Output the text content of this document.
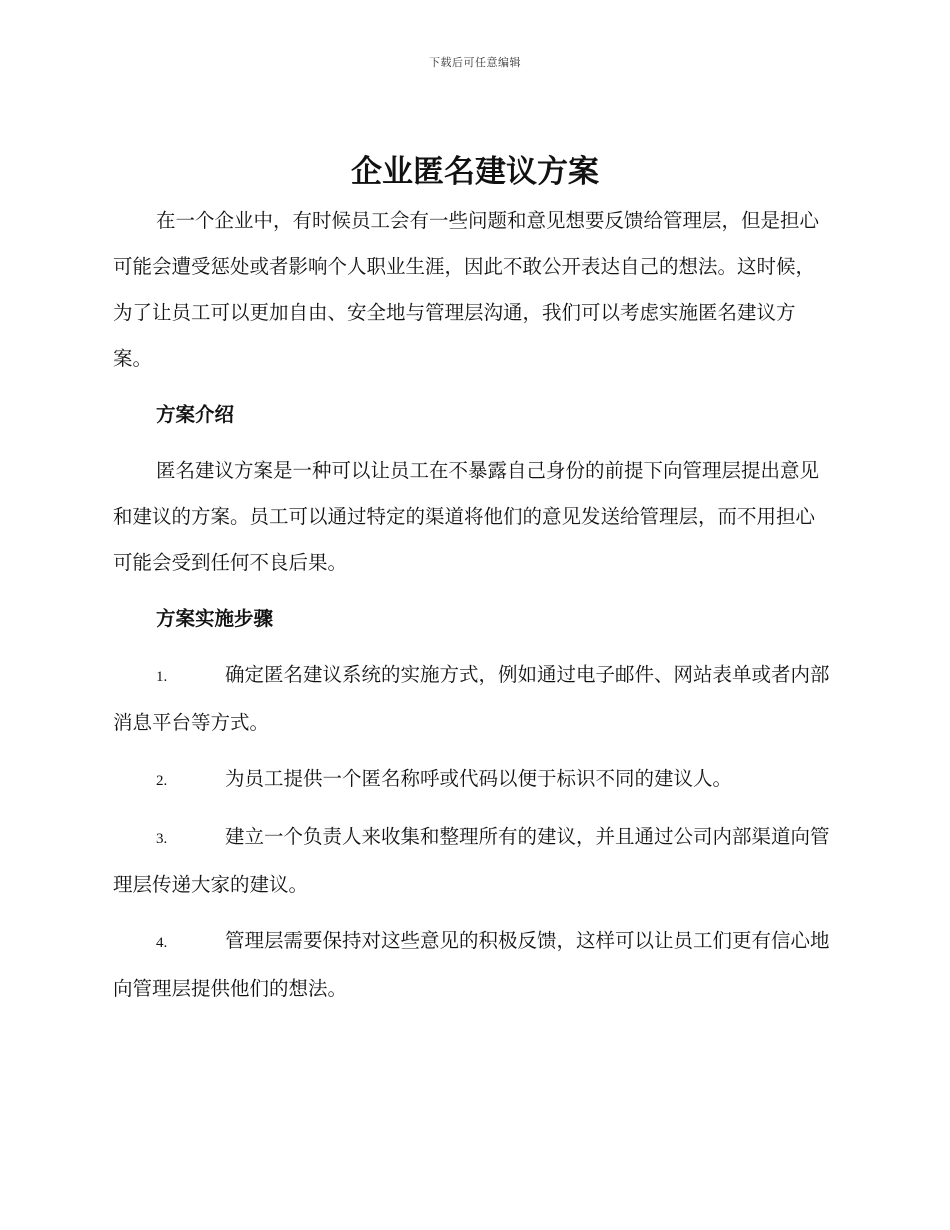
下载后可任意编辑
企业匿名建议方案

在一个企业中，有时候员工会有一些问题和意见想要反馈给管理层，但是担心可能会遭受惩处或者影响个人职业生涯，因此不敢公开表达自己的想法。这时候，为了让员工可以更加自由、安全地与管理层沟通，我们可以考虑实施匿名建议方案。

方案介绍

匿名建议方案是一种可以让员工在不暴露自己身份的前提下向管理层提出意见和建议的方案。员工可以通过特定的渠道将他们的意见发送给管理层，而不用担心可能会受到任何不良后果。

方案实施步骤

1.	确定匿名建议系统的实施方式，例如通过电子邮件、网站表单或者内部消息平台等方式。

2.	为员工提供一个匿名称呼或代码以便于标识不同的建议人。

3.	建立一个负责人来收集和整理所有的建议，并且通过公司内部渠道向管理层传递大家的建议。

4.	管理层需要保持对这些意见的积极反馈，这样可以让员工们更有信心地向管理层提供他们的想法。
